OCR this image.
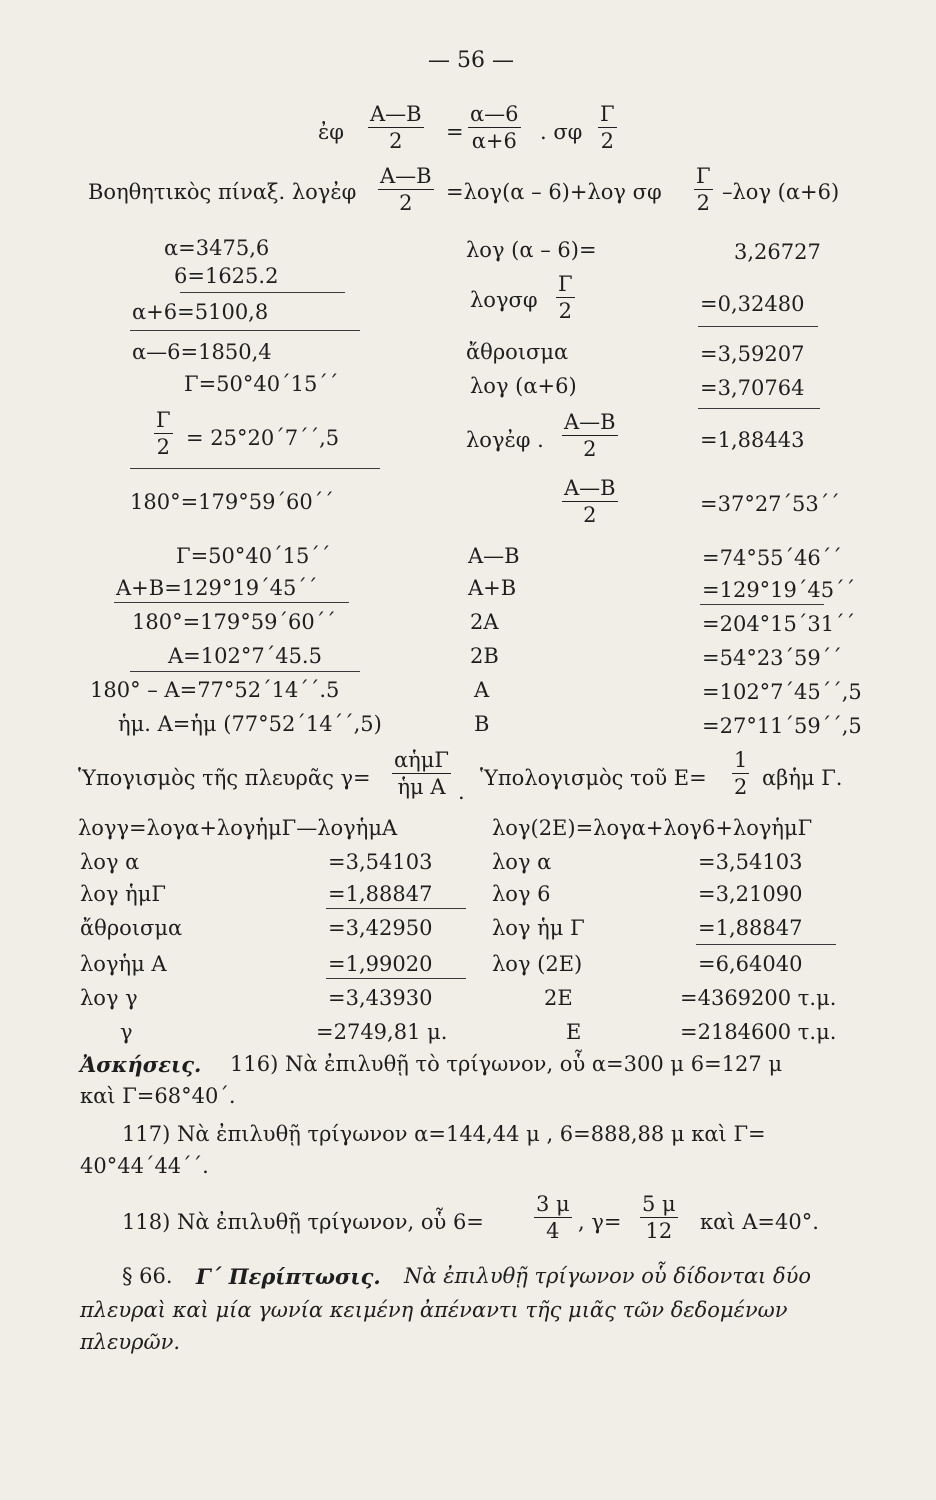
— 56 —
ἐφ $\frac{A—B}{2} = \frac{\alpha—6}{\alpha+6}$ . σφ $\frac{\Gamma}{2}$
Βοηθητικὸς πίναξ. λογἐφ $\frac{A—B}{2} =\lambda o\gamma(\alpha - 6)+\lambda o\gamma$ σφ $\frac{\Gamma}{2} -\lambda o\gamma$ (α+6)
α=3475,6
6=1625.2
α+6=5100,8
α—6=1850,4
Γ=50°40΄15΄΄
$\frac{\Gamma}{2} = 25^\circ 20΄7΄΄,5$
180°=179°59΄60΄΄
λογ (α – 6)=
λογσφ $\frac{\Gamma}{2}$
ἄθροισμα
λογ (α+6)
λογἐφ . $\frac{A—B}{2}$
$\frac{A—B}{2}$
3,26727
=0,32480
=3,59207
=3,70764
=1,88443
=37°27΄53΄΄
Γ=50°40΄15΄΄
A+B=129°19΄45΄΄
180°=179°59΄60΄΄
A=102°7΄45.5
180° – A=77°52΄14΄΄.5
ἡμ. A=ἡμ (77°52΄14΄΄,5)
A—B
A+B
2A
2B
A
B
=74°55΄46΄΄
=129°19΄45΄΄
=204°15΄31΄΄
=54°23΄59΄΄
=102°7΄45΄΄,5
=27°11΄59΄΄,5
Ὑπογισμὸς τῆς πλευρᾶς γ=
αἡμΓ
ἡμ A .
Ὑπολογισμὸς τοῦ $E= \frac{1}{2}$ αβἡμ Γ.
λογγ=λογα+λογἡμΓ—λογἡμA	λογ(2E)=λογα+λογ6+λογἡμΓ
λογ α
λογ ἡμΓ
ἄθροισμα
λογἡμ A
λογ γ
γ
=3,54103
=1,88847
=3,42950
=1,99020
=3,43930
=2749,81 μ.
λογ α
λογ 6
λογ ἡμ Γ
λογ (2E)
2E
E
=3,54103
=3,21090
=1,88847
=6,64040
=4369200 τ.μ.
=2184600 τ.μ.
Ἀσκήσεις. 116) Νὰ ἐπιλυθῇ τὸ τρίγωνον, οὗ α=300 μ 6=127 μ
καὶ Γ=68°40΄.
117) Νὰ ἐπιλυθῇ τρίγωνον α=144,44 μ , 6=888,88 μ καὶ Γ=
40°44΄44΄΄.
118) Νὰ ἐπιλυθῇ τρίγωνον, οὗ $6= \frac{3 \mu}{4}$ , $\gamma= \frac{5 \mu}{12}$ καὶ A=40°.
§ 66. Γ΄ Περίπτωσις. Νὰ ἐπιλυθῇ τρίγωνον οὗ δίδονται δύο
πλευραὶ καὶ μία γωνία κειμένη ἀπέναντι τῆς μιᾶς τῶν δεδομένων
πλευρῶν.
